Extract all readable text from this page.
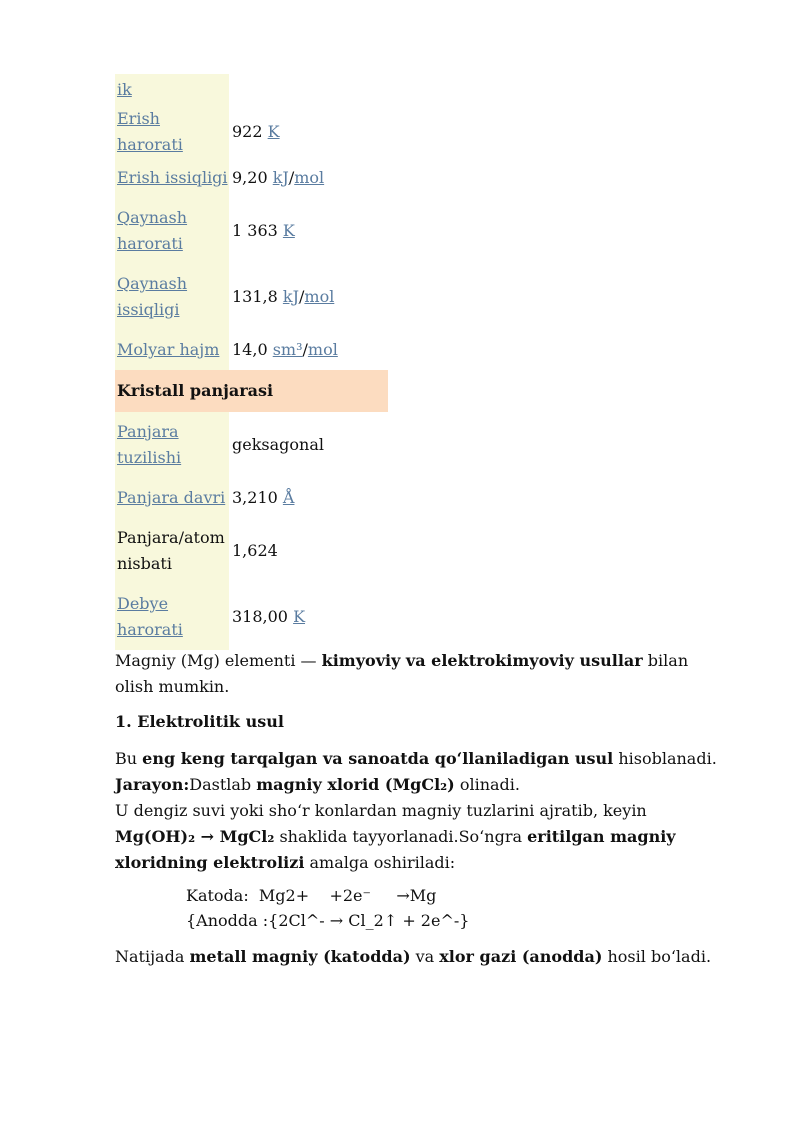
ik	
Erish harorati	922 K
Erish issiqligi	9,20 kJ/mol
Qaynash harorati	1 363 K
Qaynash issiqligi	131,8 kJ/mol
Molyar hajm	14,0 sm³/mol
Kristall panjarasi	
Panjara tuzilishi	geksagonal
Panjara davri	3,210 Å
Panjara/atom nisbati	1,624
Debye harorati	318,00 K

Magniy (Mg) elementi — kimyoviy va elektrokimyoviy usullar bilan olish mumkin.

1. Elektrolitik usul

Bu eng keng tarqalgan va sanoatda qo‘llaniladigan usul hisoblanadi.
Jarayon:Dastlab magniy xlorid (MgCl₂) olinadi.
U dengiz suvi yoki sho‘r konlardan magniy tuzlarini ajratib, keyin Mg(OH)₂ → MgCl₂ shaklida tayyorlanadi.So‘ngra eritilgan magniy xloridning elektrolizi amalga oshiriladi:

Katoda:  Mg2+    +2e⁻     →Mg
{Anodda :{2Cl^- → Cl_2↑ + 2e^-}

Natijada metall magniy (katodda) va xlor gazi (anodda) hosil bo‘ladi.
